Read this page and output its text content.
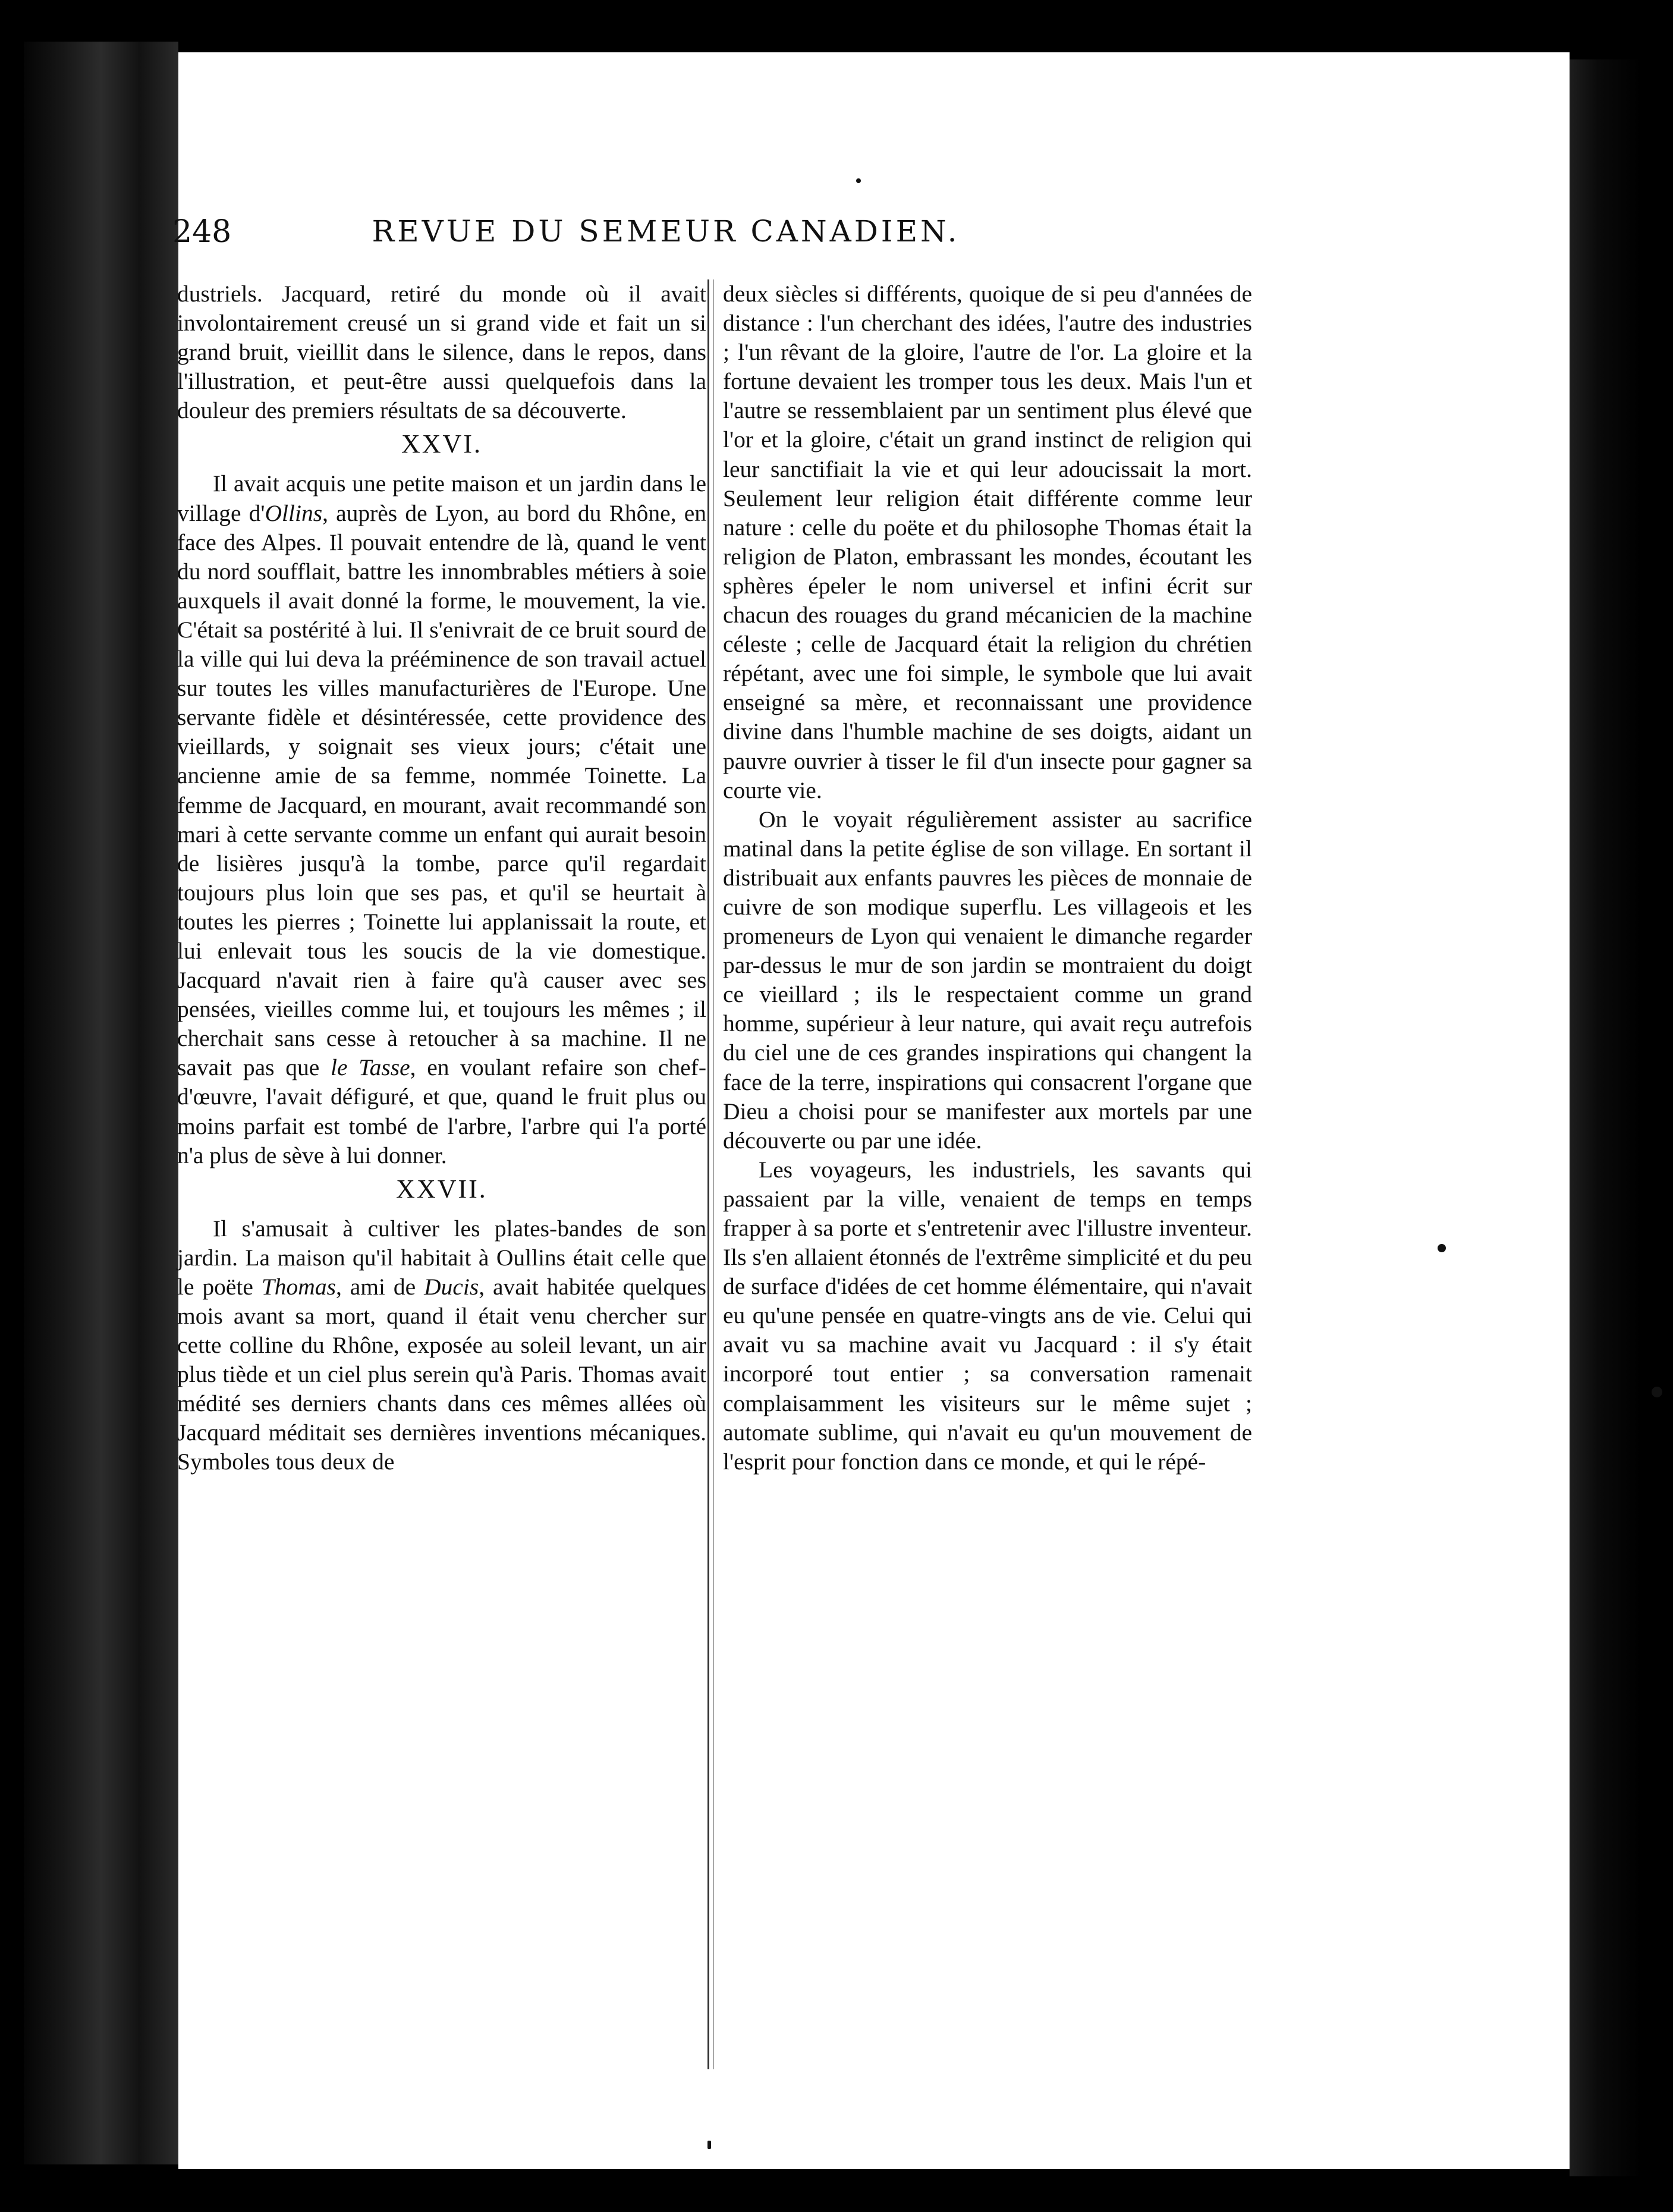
248	REVUE DU SEMEUR CANADIEN.

dustriels. Jacquard, retiré du monde où il avait involontairement creusé un si grand vide et fait un si grand bruit, vieillit dans le silence, dans le repos, dans l'illustration, et peut-être aussi quelquefois dans la douleur des premiers résultats de sa découverte.

XXVI.

Il avait acquis une petite maison et un jardin dans le village d'Ollins, auprès de Lyon, au bord du Rhône, en face des Alpes. Il pouvait entendre de là, quand le vent du nord soufflait, battre les innombrables métiers à soie auxquels il avait donné la forme, le mouvement, la vie. C'était sa postérité à lui. Il s'enivrait de ce bruit sourd de la ville qui lui deva la prééminence de son travail actuel sur toutes les villes manufacturières de l'Europe. Une servante fidèle et désintéressée, cette providence des vieillards, y soignait ses vieux jours; c'était une ancienne amie de sa femme, nommée Toinette. La femme de Jacquard, en mourant, avait recommandé son mari à cette servante comme un enfant qui aurait besoin de lisières jusqu'à la tombe, parce qu'il regardait toujours plus loin que ses pas, et qu'il se heurtait à toutes les pierres ; Toinette lui applanissait la route, et lui enlevait tous les soucis de la vie domestique. Jacquard n'avait rien à faire qu'à causer avec ses pensées, vieilles comme lui, et toujours les mêmes ; il cherchait sans cesse à retoucher à sa machine. Il ne savait pas que le Tasse, en voulant refaire son chef-d'œuvre, l'avait défiguré, et que, quand le fruit plus ou moins parfait est tombé de l'arbre, l'arbre qui l'a porté n'a plus de sève à lui donner.

XXVII.

Il s'amusait à cultiver les plates-bandes de son jardin. La maison qu'il habitait à Oullins était celle que le poëte Thomas, ami de Ducis, avait habitée quelques mois avant sa mort, quand il était venu chercher sur cette colline du Rhône, exposée au soleil levant, un air plus tiède et un ciel plus serein qu'à Paris. Thomas avait médité ses derniers chants dans ces mêmes allées où Jacquard méditait ses dernières inventions mécaniques. Symboles tous deux de

deux siècles si différents, quoique de si peu d'années de distance : l'un cherchant des idées, l'autre des industries ; l'un rêvant de la gloire, l'autre de l'or. La gloire et la fortune devaient les tromper tous les deux. Mais l'un et l'autre se ressemblaient par un sentiment plus élevé que l'or et la gloire, c'était un grand instinct de religion qui leur sanctifiait la vie et qui leur adoucissait la mort. Seulement leur religion était différente comme leur nature : celle du poëte et du philosophe Thomas était la religion de Platon, embrassant les mondes, écoutant les sphères épeler le nom universel et infini écrit sur chacun des rouages du grand mécanicien de la machine céleste ; celle de Jacquard était la religion du chrétien répétant, avec une foi simple, le symbole que lui avait enseigné sa mère, et reconnaissant une providence divine dans l'humble machine de ses doigts, aidant un pauvre ouvrier à tisser le fil d'un insecte pour gagner sa courte vie.

On le voyait régulièrement assister au sacrifice matinal dans la petite église de son village. En sortant il distribuait aux enfants pauvres les pièces de monnaie de cuivre de son modique superflu. Les villageois et les promeneurs de Lyon qui venaient le dimanche regarder par-dessus le mur de son jardin se montraient du doigt ce vieillard ; ils le respectaient comme un grand homme, supérieur à leur nature, qui avait reçu autrefois du ciel une de ces grandes inspirations qui changent la face de la terre, inspirations qui consacrent l'organe que Dieu a choisi pour se manifester aux mortels par une découverte ou par une idée.

Les voyageurs, les industriels, les savants qui passaient par la ville, venaient de temps en temps frapper à sa porte et s'entretenir avec l'illustre inventeur. Ils s'en allaient étonnés de l'extrême simplicité et du peu de surface d'idées de cet homme élémentaire, qui n'avait eu qu'une pensée en quatre-vingts ans de vie. Celui qui avait vu sa machine avait vu Jacquard : il s'y était incorporé tout entier ; sa conversation ramenait complaisamment les visiteurs sur le même sujet ; automate sublime, qui n'avait eu qu'un mouvement de l'esprit pour fonction dans ce monde, et qui le répé-
